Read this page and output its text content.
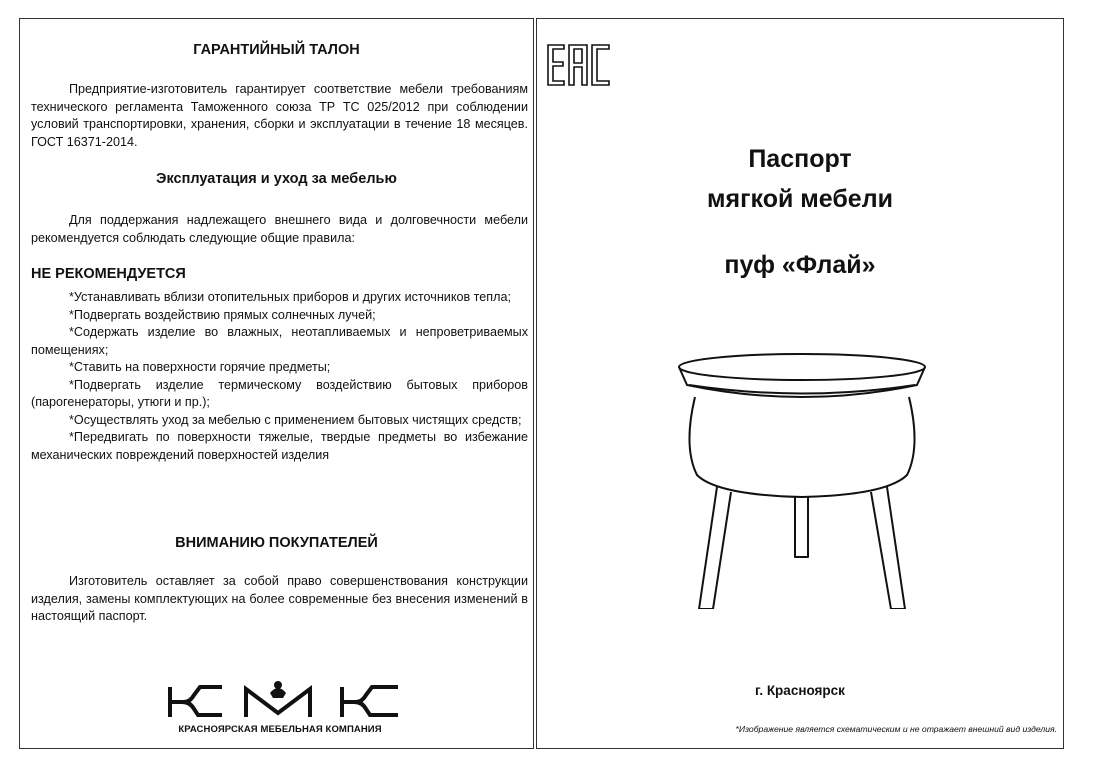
ГАРАНТИЙНЫЙ ТАЛОН

Предприятие-изготовитель гарантирует соответствие мебели требованиям технического регламента Таможенного союза ТР ТС 025/2012 при соблюдении условий транспортировки, хранения, сборки и эксплуатации в течение 18 месяцев. ГОСТ 16371-2014.

Эксплуатация и уход за мебелью

Для поддержания надлежащего внешнего вида и долговечности мебели рекомендуется соблюдать следующие общие правила:

НЕ РЕКОМЕНДУЕТСЯ

*Устанавливать вблизи отопительных приборов и других источников тепла;

*Подвергать воздействию прямых солнечных лучей;

*Содержать изделие во влажных, неотапливаемых и непроветриваемых помещениях;

*Ставить на поверхности горячие предметы;

*Подвергать изделие термическому воздействию бытовых приборов (парогенераторы, утюги и пр.);

*Осуществлять уход за мебелью с применением бытовых чистящих средств;

*Передвигать по поверхности тяжелые, твердые предметы во избежание механических повреждений поверхностей изделия

ВНИМАНИЮ ПОКУПАТЕЛЕЙ

Изготовитель оставляет за собой право совершенствования конструкции изделия, замены комплектующих на более современные без внесения изменений в настоящий паспорт.

КРАСНОЯРСКАЯ МЕБЕЛЬНАЯ КОМПАНИЯ
Паспорт
мягкой мебели
пуф «Флай»
г. Красноярск
*Изображение является схематическим и не отражает внешний вид изделия.
